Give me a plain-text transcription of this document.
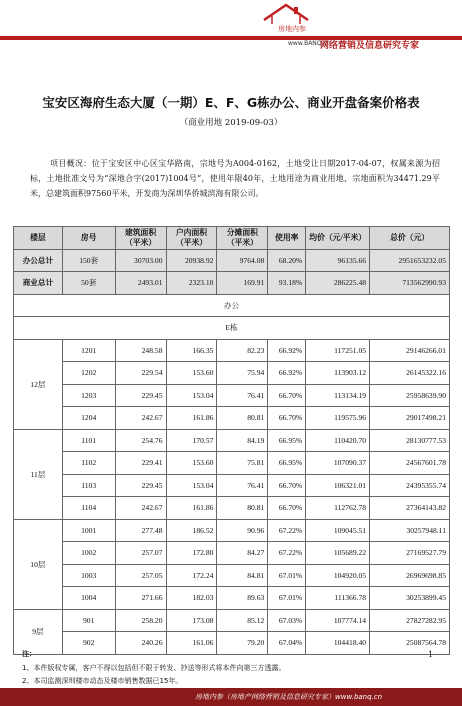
房地内参
www.BANQ.cn
网络营销及信息研究专家
宝安区海府生态大厦（一期）E、F、G栋办公、商业开盘备案价格表
（商业用地 2019-09-03）

项目概况：位于宝安区中心区宝华路南，宗地号为A004-0162，土地受让日期2017-04-07，权属来源为招标，土地批准文号为“深地合字(2017)1004号”，使用年限40年，土地用途为商业用地，宗地面积为34471.29平米，总建筑面积97560平米，开发商为深圳华侨城滨海有限公司。

楼层	房号	建筑面积（平米）	户内面积（平米）	分摊面积（平米）	使用率	均价（元/平米）	总价（元）
办公总计	150套	30703.00	20938.92	9764.08	68.20%	96135.66	2951653232.05
商业总计	50套	2493.01	2323.10	169.91	93.18%	286225.48	713562990.93
办公							
E栋							
12层	1201	248.58	166.35	82.23	66.92%	117251.05	29146266.01
	1202	229.54	153.60	75.94	66.92%	113903.12	26145322.16
	1203	229.45	153.04	76.41	66.70%	113134.19	25958639.90
	1204	242.67	161.86	80.81	66.70%	119575.96	29017498.21
11层	1101	254.76	170.57	84.19	66.95%	110420.70	28130777.53
	1102	229.41	153.60	75.81	66.95%	107090.37	24567601.78
	1103	229.45	153.04	76.41	66.70%	106321.01	24395355.74
	1104	242.67	161.86	80.81	66.70%	112762.78	27364143.82
10层	1001	277.48	186.52	90.96	67.22%	109045.51	30257948.11
	1002	257.07	172.80	84.27	67.22%	105689.22	27169527.79
	1003	257.05	172.24	84.81	67.01%	104920.05	26969698.85
	1004	271.66	182.03	89.63	67.01%	111366.78	30253899.45
9层	901	258.20	173.08	85.12	67.03%	107774.14	27827282.95
	902	240.26	161.06	79.20	67.04%	104418.40	25087564.78
注：
1、本件版权专属，客户不得以包括但不限于转发、抄送等形式将本件向第三方透露。
2、本司监测深圳楼市动态及楼市销售数据已15年。
1
房地内参（房地产网络营销及信息研究专家）www.banq.cn
